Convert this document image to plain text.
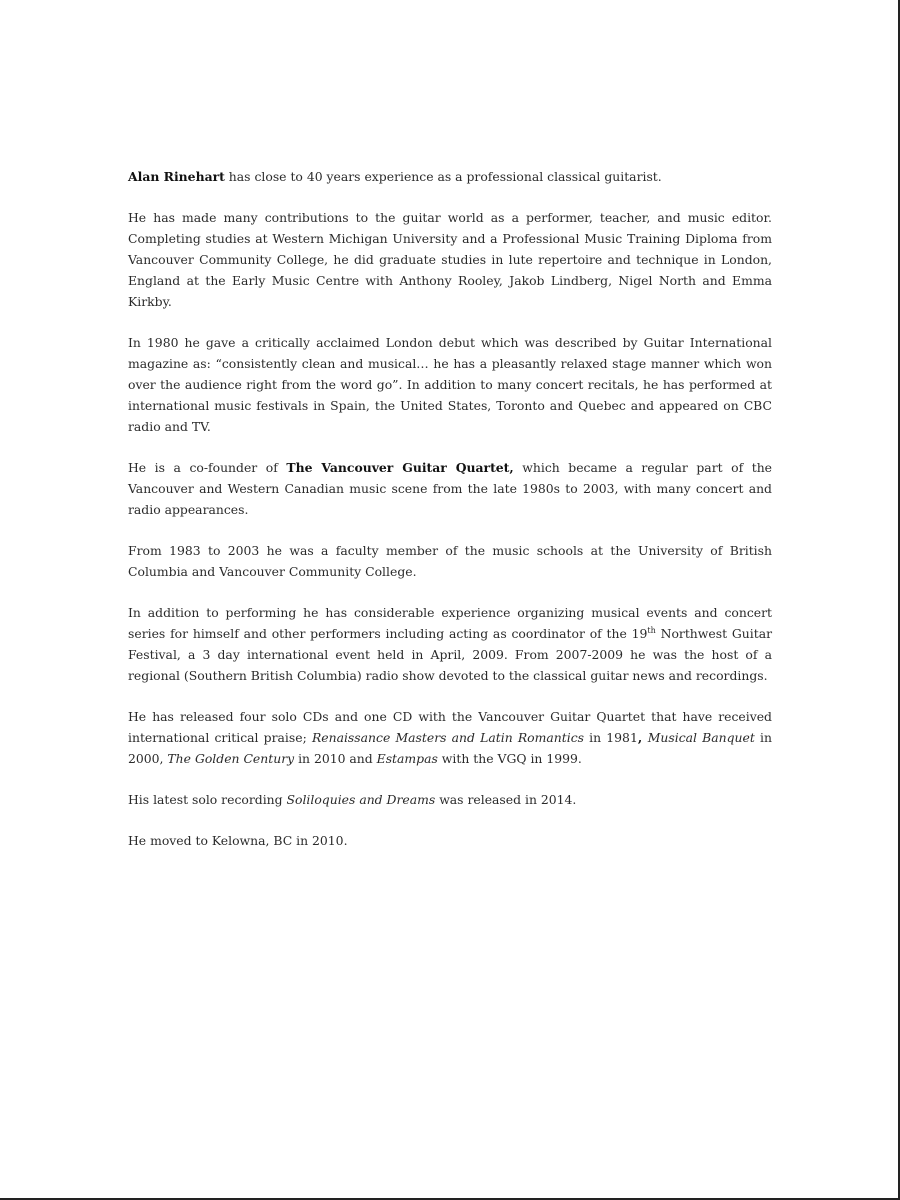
Alan Rinehart has close to 40 years experience as a professional classical guitarist.

He has made many contributions to the guitar world as a performer, teacher, and music editor. Completing studies at Western Michigan University and a Professional Music Training Diploma from Vancouver Community College, he did graduate studies in lute repertoire and technique in London, England at the Early Music Centre with Anthony Rooley, Jakob Lindberg, Nigel North and Emma Kirkby.

In 1980 he gave a critically acclaimed London debut which was described by Guitar International magazine as: “consistently clean and musical… he has a pleasantly relaxed stage manner which won over the audience right from the word go”. In addition to many concert recitals, he has performed at international music festivals in Spain, the United States, Toronto and Quebec and appeared on CBC radio and TV.

He is a co-founder of The Vancouver Guitar Quartet, which became a regular part of the Vancouver and Western Canadian music scene from the late 1980s to 2003, with many concert and radio appearances.

From 1983 to 2003 he was a faculty member of the music schools at the University of British Columbia and Vancouver Community College.

In addition to performing he has considerable experience organizing musical events and concert series for himself and other performers including acting as coordinator of the 19th Northwest Guitar Festival, a 3 day international event held in April, 2009. From 2007-2009 he was the host of a regional (Southern British Columbia) radio show devoted to the classical guitar news and recordings.

He has released four solo CDs and one CD with the Vancouver Guitar Quartet that have received international critical praise; Renaissance Masters and Latin Romantics in 1981, Musical Banquet in 2000, The Golden Century in 2010 and Estampas with the VGQ in 1999.

His latest solo recording Soliloquies and Dreams was released in 2014.

He moved to Kelowna, BC in 2010.
